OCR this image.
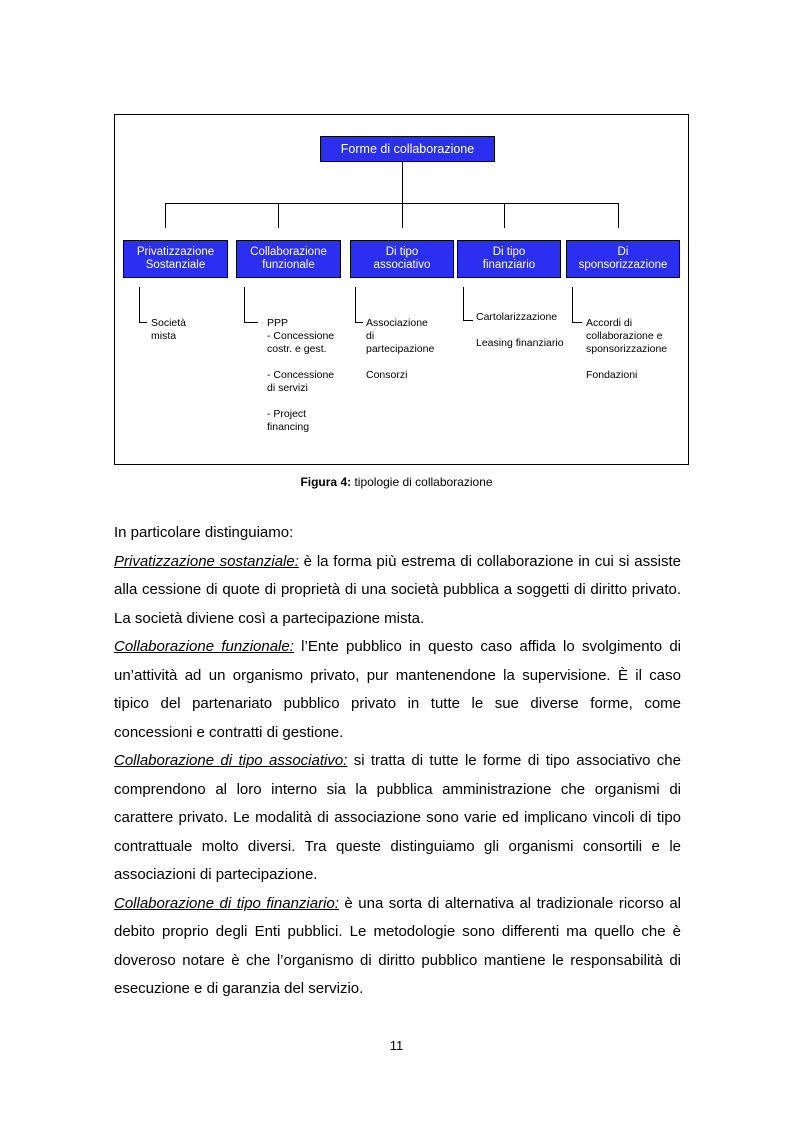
Forme di collaborazione
Privatizzazione
Sostanziale
Collaborazione
funzionale
Di tipo
associativo
Di tipo
finanziario
Di
sponsorizzazione
Società
mista
PPP
- Concessione
costr. e gest.
- Concessione
di servizi
- Project
financing
Associazione
di
partecipazione
Consorzi
Cartolarizzazione
Leasing finanziario
Accordi di
collaborazione e
sponsorizzazione
Fondazioni
Figura 4: tipologie di collaborazione

In particolare distinguiamo:

Privatizzazione sostanziale: è la forma più estrema di collaborazione in cui si assiste alla cessione di quote di proprietà di una società pubblica a soggetti di diritto privato. La società diviene così a partecipazione mista.

Collaborazione funzionale: l’Ente pubblico in questo caso affida lo svolgimento di un’attività ad un organismo privato, pur mantenendone la supervisione. È il caso tipico del partenariato pubblico privato in tutte le sue diverse forme, come concessioni e contratti di gestione.

Collaborazione di tipo associativo: si tratta di tutte le forme di tipo associativo che comprendono al loro interno sia la pubblica amministrazione che organismi di carattere privato. Le modalità di associazione sono varie ed implicano vincoli di tipo contrattuale molto diversi. Tra queste distinguiamo gli organismi consortili e le associazioni di partecipazione.

Collaborazione di tipo finanziario: è una sorta di alternativa al tradizionale ricorso al debito proprio degli Enti pubblici. Le metodologie sono differenti ma quello che è doveroso notare è che l’organismo di diritto pubblico mantiene le responsabilità di esecuzione e di garanzia del servizio.

11
